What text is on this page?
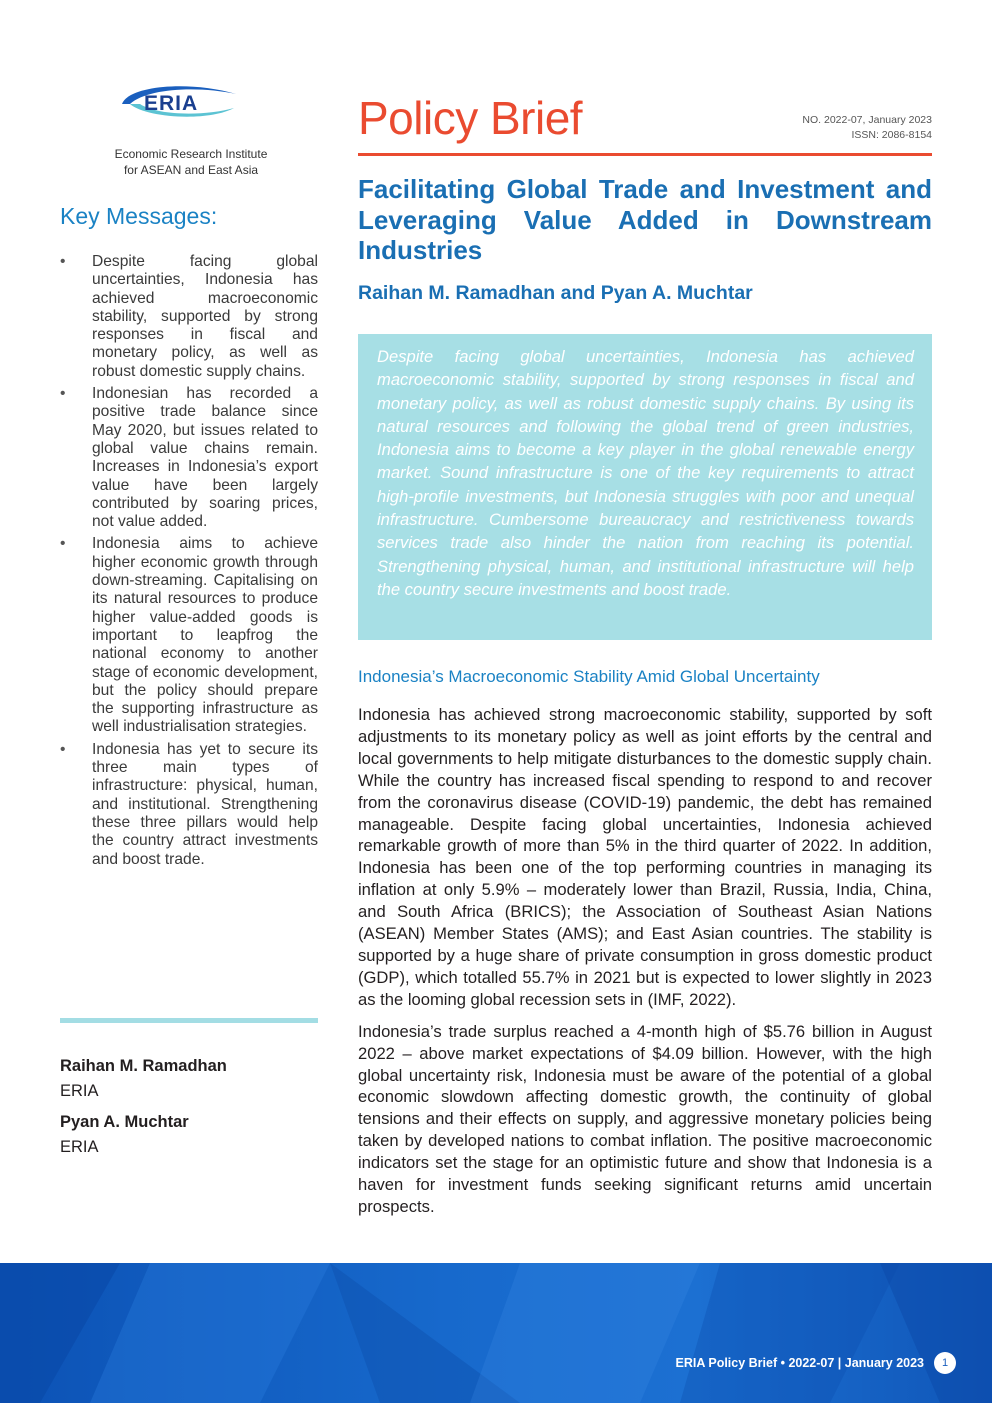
ERIA
Economic Research Institute
for ASEAN and East Asia
Key Messages:
• Despite facing global uncertainties, Indonesia has achieved macroeconomic stability, supported by strong responses in fiscal and monetary policy, as well as robust domestic supply chains.
• Indonesian has recorded a positive trade balance since May 2020, but issues related to global value chains remain. Increases in Indonesia’s export value have been largely contributed by soaring prices, not value added.
• Indonesia aims to achieve higher economic growth through down-streaming. Capitalising on its natural resources to produce higher value-added goods is important to leapfrog the national economy to another stage of economic development, but the policy should prepare the supporting infrastructure as well industrialisation strategies.
• Indonesia has yet to secure its three main types of infrastructure: physical, human, and institutional. Strengthening these three pillars would help the country attract investments and boost trade.
Raihan M. Ramadhan
ERIA
Pyan A. Muchtar
ERIA
Policy Brief	NO. 2022-07, January 2023
ISSN: 2086-8154
Facilitating Global Trade and Investment and Leveraging Value Added in Downstream Industries
Raihan M. Ramadhan and Pyan A. Muchtar

Despite facing global uncertainties, Indonesia has achieved macroeconomic stability, supported by strong responses in fiscal and monetary policy, as well as robust domestic supply chains. By using its natural resources and following the global trend of green industries, Indonesia aims to become a key player in the global renewable energy market. Sound infrastructure is one of the key requirements to attract high-profile investments, but Indonesia struggles with poor and unequal infrastructure. Cumbersome bureaucracy and restrictiveness towards services trade also hinder the nation from reaching its potential. Strengthening physical, human, and institutional infrastructure will help the country secure investments and boost trade.

Indonesia’s Macroeconomic Stability Amid Global Uncertainty

Indonesia has achieved strong macroeconomic stability, supported by soft adjustments to its monetary policy as well as joint efforts by the central and local governments to help mitigate disturbances to the domestic supply chain. While the country has increased fiscal spending to respond to and recover from the coronavirus disease (COVID-19) pandemic, the debt has remained manageable. Despite facing global uncertainties, Indonesia achieved remarkable growth of more than 5% in the third quarter of 2022. In addition, Indonesia has been one of the top performing countries in managing its inflation at only 5.9% – moderately lower than Brazil, Russia, India, China, and South Africa (BRICS); the Association of Southeast Asian Nations (ASEAN) Member States (AMS); and East Asian countries. The stability is supported by a huge share of private consumption in gross domestic product (GDP), which totalled 55.7% in 2021 but is expected to lower slightly in 2023 as the looming global recession sets in (IMF, 2022).

Indonesia’s trade surplus reached a 4-month high of $5.76 billion in August 2022 – above market expectations of $4.09 billion. However, with the high global uncertainty risk, Indonesia must be aware of the potential of a global economic slowdown affecting domestic growth, the continuity of global tensions and their effects on supply, and aggressive monetary policies being taken by developed nations to combat inflation. The positive macroeconomic indicators set the stage for an optimistic future and show that Indonesia is a haven for investment funds seeking significant returns amid uncertain prospects.

ERIA Policy Brief • 2022-07 | January 2023	1
